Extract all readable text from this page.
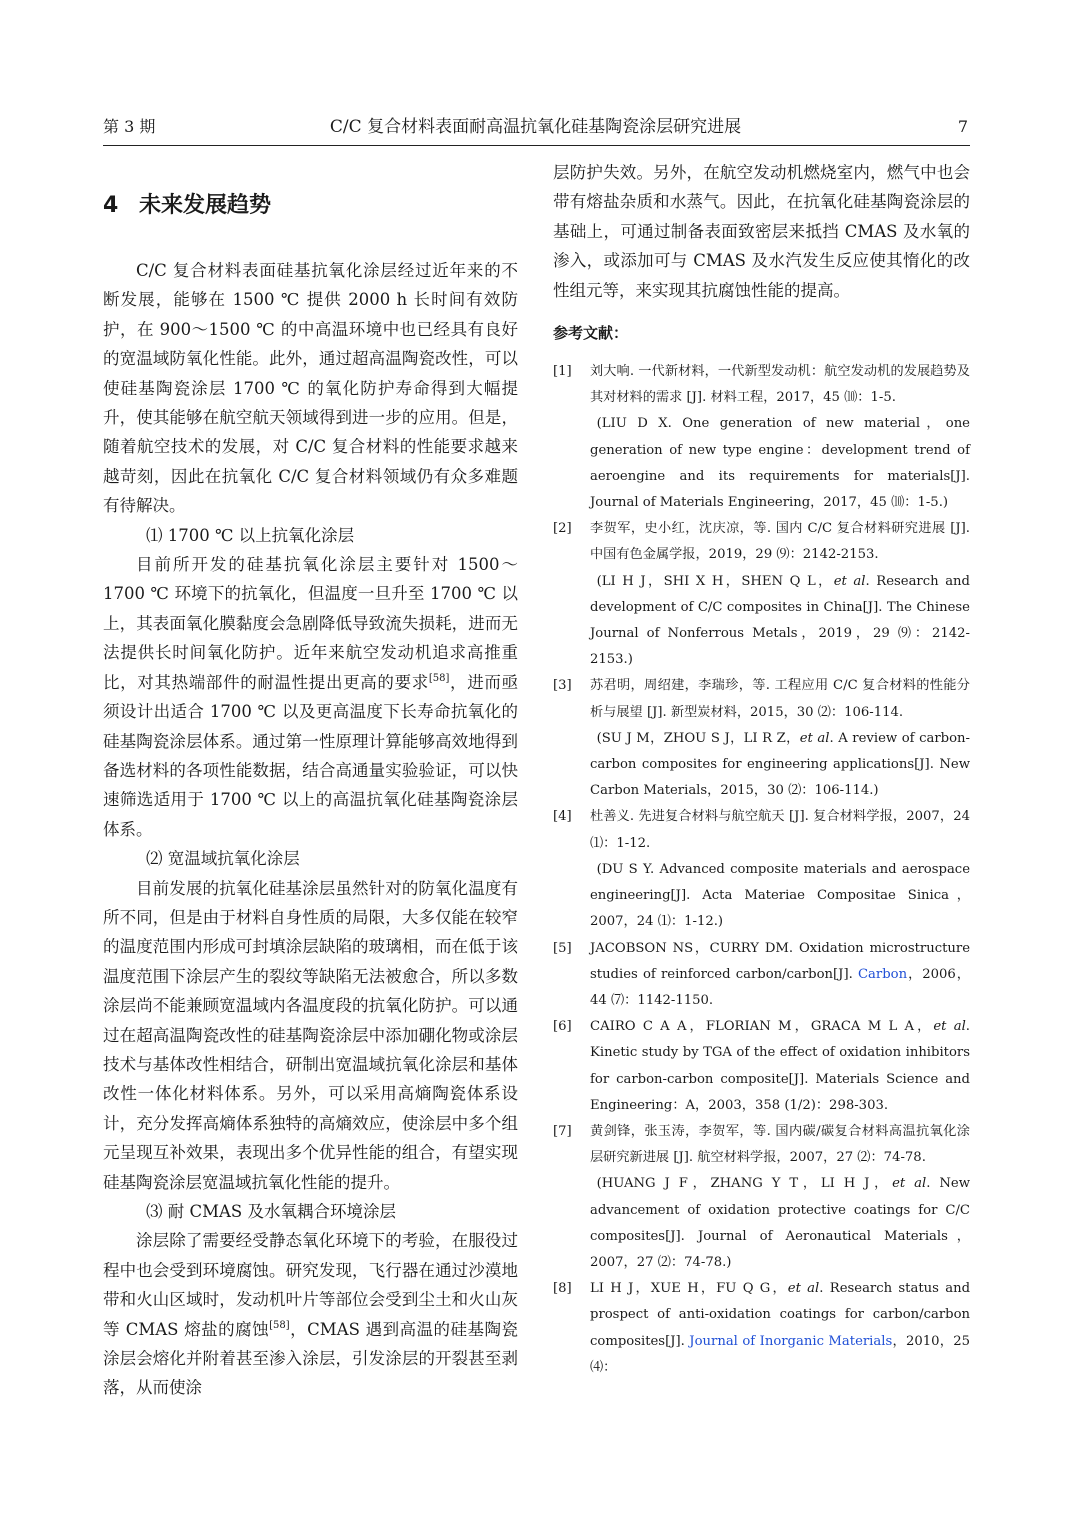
第 3 期	C/C 复合材料表面耐高温抗氧化硅基陶瓷涂层研究进展	7
4 未来发展趋势

C/C 复合材料表面硅基抗氧化涂层经过近年来的不断发展，能够在 1500 ℃ 提供 2000 h 长时间有效防护，在 900～1500 ℃ 的中高温环境中也已经具有良好的宽温域防氧化性能。此外，通过超高温陶瓷改性，可以使硅基陶瓷涂层 1700 ℃ 的氧化防护寿命得到大幅提升，使其能够在航空航天领域得到进一步的应用。但是，随着航空技术的发展，对 C/C 复合材料的性能要求越来越苛刻，因此在抗氧化 C/C 复合材料领域仍有众多难题有待解决。

⑴ 1700 ℃ 以上抗氧化涂层

目前所开发的硅基抗氧化涂层主要针对 1500～1700 ℃ 环境下的抗氧化，但温度一旦升至 1700 ℃ 以上，其表面氧化膜黏度会急剧降低导致流失损耗，进而无法提供长时间氧化防护。近年来航空发动机追求高推重比，对其热端部件的耐温性提出更高的要求[58]，进而亟须设计出适合 1700 ℃ 以及更高温度下长寿命抗氧化的硅基陶瓷涂层体系。通过第一性原理计算能够高效地得到备选材料的各项性能数据，结合高通量实验验证，可以快速筛选适用于 1700 ℃ 以上的高温抗氧化硅基陶瓷涂层体系。

⑵ 宽温域抗氧化涂层

目前发展的抗氧化硅基涂层虽然针对的防氧化温度有所不同，但是由于材料自身性质的局限，大多仅能在较窄的温度范围内形成可封填涂层缺陷的玻璃相，而在低于该温度范围下涂层产生的裂纹等缺陷无法被愈合，所以多数涂层尚不能兼顾宽温域内各温度段的抗氧化防护。可以通过在超高温陶瓷改性的硅基陶瓷涂层中添加硼化物或涂层技术与基体改性相结合，研制出宽温域抗氧化涂层和基体改性一体化材料体系。另外，可以采用高熵陶瓷体系设计，充分发挥高熵体系独特的高熵效应，使涂层中多个组元呈现互补效果，表现出多个优异性能的组合，有望实现硅基陶瓷涂层宽温域抗氧化性能的提升。

⑶ 耐 CMAS 及水氧耦合环境涂层

涂层除了需要经受静态氧化环境下的考验，在服役过程中也会受到环境腐蚀。研究发现，飞行器在通过沙漠地带和火山区域时，发动机叶片等部位会受到尘土和火山灰等 CMAS 熔盐的腐蚀[58]，CMAS 遇到高温的硅基陶瓷涂层会熔化并附着甚至渗入涂层，引发涂层的开裂甚至剥落，从而使涂

层防护失效。另外，在航空发动机燃烧室内，燃气中也会带有熔盐杂质和水蒸气。因此，在抗氧化硅基陶瓷涂层的基础上，可通过制备表面致密层来抵挡 CMAS 及水氧的渗入，或添加可与 CMAS 及水汽发生反应使其惰化的改性组元等，来实现其抗腐蚀性能的提高。

参考文献：
[1] 刘大响. 一代新材料，一代新型发动机：航空发动机的发展趋势及其对材料的需求 [J]. 材料工程，2017，45 ⑽：1-5.
(LIU D X. One generation of new material，one generation of new type engine：development trend of aeroengine and its requirements for materials[J]. Journal of Materials Engineering，2017，45 ⑽：1-5.)
[2] 李贺军，史小红，沈庆凉，等. 国内 C/C 复合材料研究进展 [J]. 中国有色金属学报，2019，29 ⑼：2142-2153.
(LI H J，SHI X H，SHEN Q L，et al. Research and development of C/C composites in China[J]. The Chinese Journal of Nonferrous Metals，2019，29 ⑼：2142-2153.)
[3] 苏君明，周绍建，李瑞珍，等. 工程应用 C/C 复合材料的性能分析与展望 [J]. 新型炭材料，2015，30 ⑵：106-114.
(SU J M，ZHOU S J，LI R Z，et al. A review of carbon-carbon composites for engineering applications[J]. New Carbon Materials，2015，30 ⑵：106-114.)
[4] 杜善义. 先进复合材料与航空航天 [J]. 复合材料学报，2007，24 ⑴：1-12.
(DU S Y. Advanced composite materials and aerospace engineering[J]. Acta Materiae Compositae Sinica，2007，24 ⑴：1-12.)
[5] JACOBSON NS，CURRY DM. Oxidation microstructure studies of reinforced carbon/carbon[J]. Carbon，2006，44 ⑺：1142-1150.
[6] CAIRO C A A，FLORIAN M，GRACA M L A，et al. Kinetic study by TGA of the effect of oxidation inhibitors for carbon-carbon composite[J]. Materials Science and Engineering：A，2003，358 (1/2)：298-303.
[7] 黄剑锋，张玉涛，李贺军，等. 国内碳/碳复合材料高温抗氧化涂层研究新进展 [J]. 航空材料学报，2007，27 ⑵：74-78.
(HUANG J F，ZHANG Y T，LI H J，et al. New advancement of oxidation protective coatings for C/C composites[J]. Journal of Aeronautical Materials，2007，27 ⑵：74-78.)
[8] LI H J，XUE H，FU Q G，et al. Research status and prospect of anti-oxidation coatings for carbon/carbon composites[J]. Journal of Inorganic Materials，2010，25 ⑷：
